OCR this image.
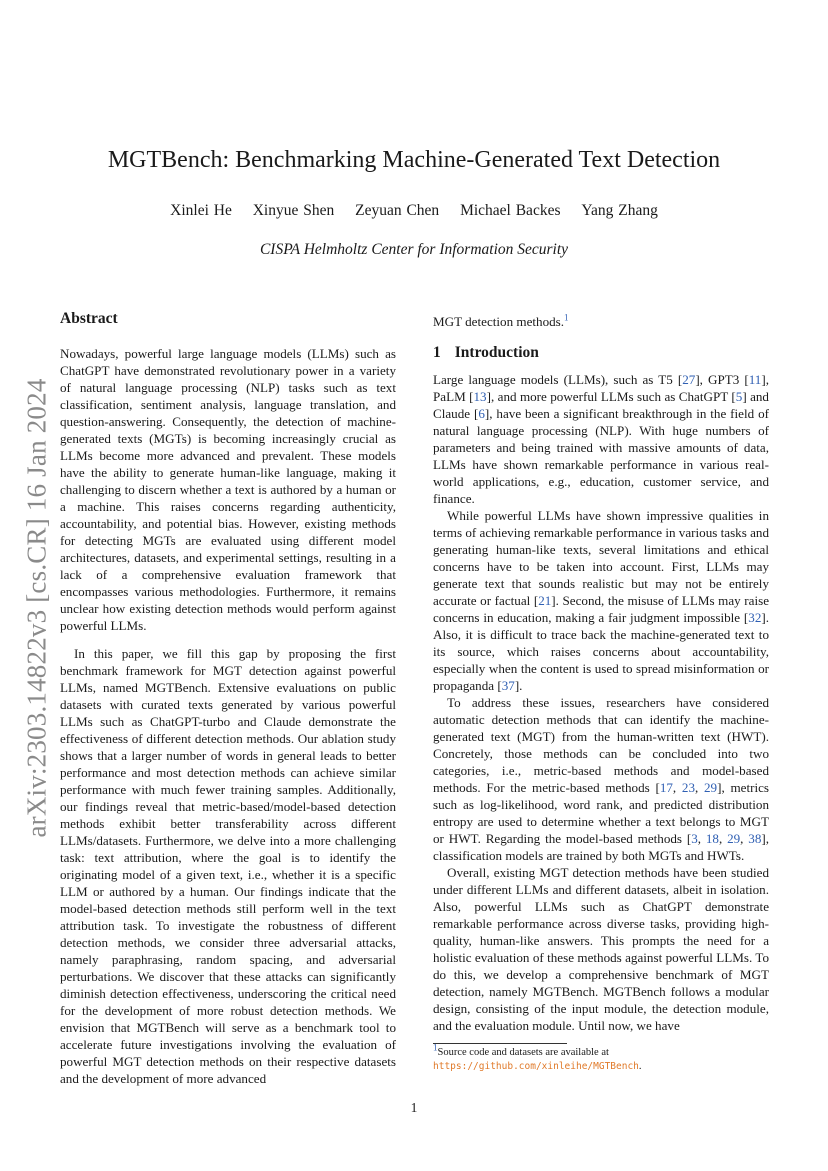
arXiv:2303.14822v3 [cs.CR] 16 Jan 2024
MGTBench: Benchmarking Machine-Generated Text Detection
Xinlei He Xinyue Shen Zeyuan Chen Michael Backes Yang Zhang
CISPA Helmholtz Center for Information Security
Abstract

Nowadays, powerful large language models (LLMs) such as ChatGPT have demonstrated revolutionary power in a variety of natural language processing (NLP) tasks such as text classification, sentiment analysis, language translation, and question-answering. Consequently, the detection of machine-generated texts (MGTs) is becoming increasingly crucial as LLMs become more advanced and prevalent. These models have the ability to generate human-like language, making it challenging to discern whether a text is authored by a human or a machine. This raises concerns regarding authenticity, accountability, and potential bias. However, existing methods for detecting MGTs are evaluated using different model architectures, datasets, and experimental settings, resulting in a lack of a comprehensive evaluation framework that encompasses various methodologies. Furthermore, it remains unclear how existing detection methods would perform against powerful LLMs.

In this paper, we fill this gap by proposing the first benchmark framework for MGT detection against powerful LLMs, named MGTBench. Extensive evaluations on public datasets with curated texts generated by various powerful LLMs such as ChatGPT-turbo and Claude demonstrate the effectiveness of different detection methods. Our ablation study shows that a larger number of words in general leads to better performance and most detection methods can achieve similar performance with much fewer training samples. Additionally, our findings reveal that metric-based/model-based detection methods exhibit better transferability across different LLMs/datasets. Furthermore, we delve into a more challenging task: text attribution, where the goal is to identify the originating model of a given text, i.e., whether it is a specific LLM or authored by a human. Our findings indicate that the model-based detection methods still perform well in the text attribution task. To investigate the robustness of different detection methods, we consider three adversarial attacks, namely paraphrasing, random spacing, and adversarial perturbations. We discover that these attacks can significantly diminish detection effectiveness, underscoring the critical need for the development of more robust detection methods. We envision that MGTBench will serve as a benchmark tool to accelerate future investigations involving the evaluation of powerful MGT detection methods on their respective datasets and the development of more advanced

MGT detection methods.$^1$

1 Introduction

Large language models (LLMs), such as T5 [27], GPT3 [11], PaLM [13], and more powerful LLMs such as ChatGPT [5] and Claude [6], have been a significant breakthrough in the field of natural language processing (NLP). With huge numbers of parameters and being trained with massive amounts of data, LLMs have shown remarkable performance in various real-world applications, e.g., education, customer service, and finance.

While powerful LLMs have shown impressive qualities in terms of achieving remarkable performance in various tasks and generating human-like texts, several limitations and ethical concerns have to be taken into account. First, LLMs may generate text that sounds realistic but may not be entirely accurate or factual [21]. Second, the misuse of LLMs may raise concerns in education, making a fair judgment impossible [32]. Also, it is difficult to trace back the machine-generated text to its source, which raises concerns about accountability, especially when the content is used to spread misinformation or propaganda [37].

To address these issues, researchers have considered automatic detection methods that can identify the machine-generated text (MGT) from the human-written text (HWT). Concretely, those methods can be concluded into two categories, i.e., metric-based methods and model-based methods. For the metric-based methods [17, 23, 29], metrics such as log-likelihood, word rank, and predicted distribution entropy are used to determine whether a text belongs to MGT or HWT. Regarding the model-based methods [3, 18, 29, 38], classification models are trained by both MGTs and HWTs.

Overall, existing MGT detection methods have been studied under different LLMs and different datasets, albeit in isolation. Also, powerful LLMs such as ChatGPT demonstrate remarkable performance across diverse tasks, providing high-quality, human-like answers. This prompts the need for a holistic evaluation of these methods against powerful LLMs. To do this, we develop a comprehensive benchmark of MGT detection, namely MGTBench. MGTBench follows a modular design, consisting of the input module, the detection module, and the evaluation module. Until now, we have

1Source code and datasets are available at https://github.com/xinleihe/MGTBench.
1
